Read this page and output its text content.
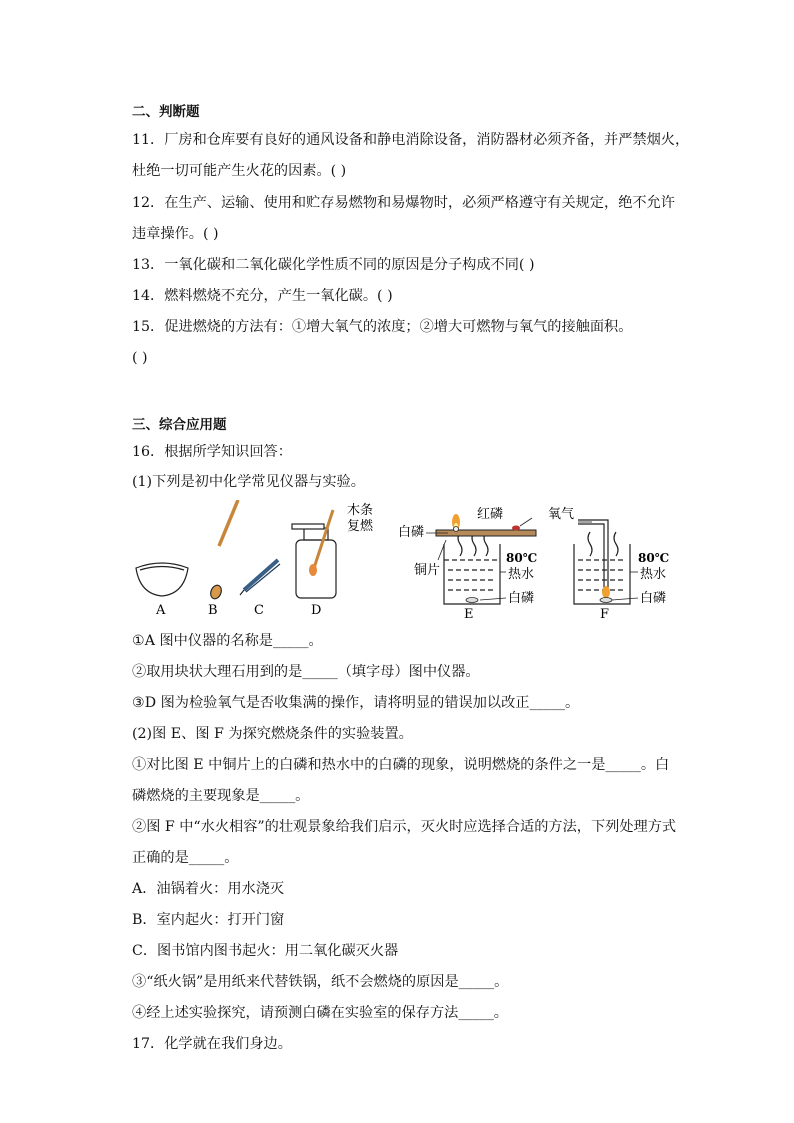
二、判断题
11．厂房和仓库要有良好的通风设备和静电消除设备，消防器材必须齐备，并严禁烟火，
杜绝一切可能产生火花的因素。( )
12．在生产、运输、使用和贮存易燃物和易爆物时，必须严格遵守有关规定，绝不允许
违章操作。( )
13．一氧化碳和二氧化碳化学性质不同的原因是分子构成不同( )
14．燃料燃烧不充分，产生一氧化碳。( )
15．促进燃烧的方法有：①增大氧气的浓度；②增大可燃物与氧气的接触面积。
( )
三、综合应用题
16．根据所学知识回答：
(1)下列是初中化学常见仪器与实验。
A	B	C
木条
复燃
D
红磷
白磷
铜片
80℃
热水
白磷
E
氧气
80℃
热水
白磷
F
①A 图中仪器的名称是_____。
②取用块状大理石用到的是_____（填字母）图中仪器。
③D 图为检验氧气是否收集满的操作，请将明显的错误加以改正_____。
(2)图 E、图 F 为探究燃烧条件的实验装置。
①对比图 E 中铜片上的白磷和热水中的白磷的现象，说明燃烧的条件之一是_____。白
磷燃烧的主要现象是_____。
②图 F 中“水火相容”的壮观景象给我们启示，灭火时应选择合适的方法，下列处理方式
正确的是_____。
A．油锅着火：用水浇灭
B．室内起火：打开门窗
C．图书馆内图书起火：用二氧化碳灭火器
③“纸火锅”是用纸来代替铁锅，纸不会燃烧的原因是_____。
④经上述实验探究，请预测白磷在实验室的保存方法_____。
17．化学就在我们身边。
